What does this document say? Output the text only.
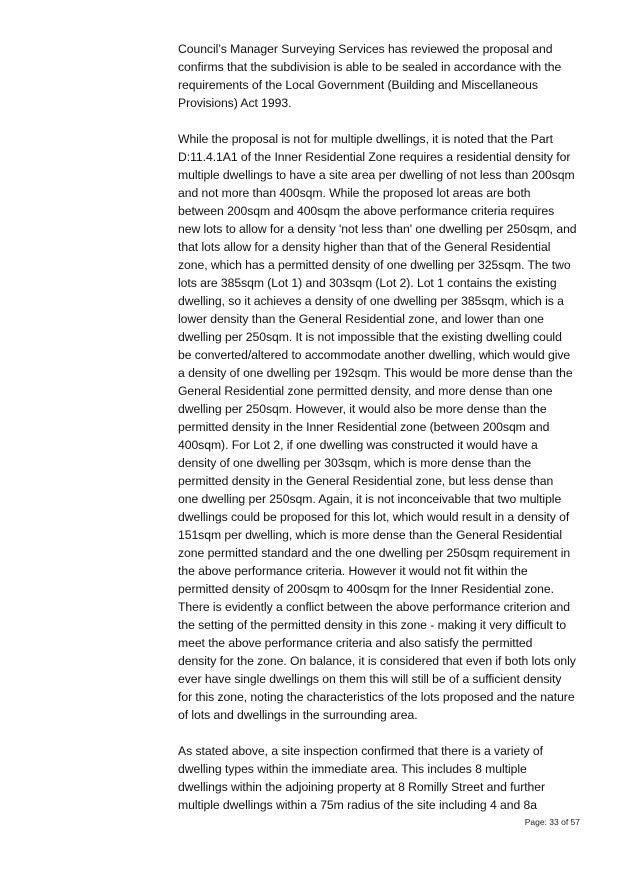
Council’s Manager Surveying Services has reviewed the proposal and
confirms that the subdivision is able to be sealed in accordance with the
requirements of the Local Government (Building and Miscellaneous
Provisions) Act 1993.
While the proposal is not for multiple dwellings, it is noted that the Part
D:11.4.1A1 of the Inner Residential Zone requires a residential density for
multiple dwellings to have a site area per dwelling of not less than 200sqm
and not more than 400sqm. While the proposed lot areas are both
between 200sqm and 400sqm the above performance criteria requires
new lots to allow for a density 'not less than' one dwelling per 250sqm, and
that lots allow for a density higher than that of the General Residential
zone, which has a permitted density of one dwelling per 325sqm. The two
lots are 385sqm (Lot 1) and 303sqm (Lot 2). Lot 1 contains the existing
dwelling, so it achieves a density of one dwelling per 385sqm, which is a
lower density than the General Residential zone, and lower than one
dwelling per 250sqm. It is not impossible that the existing dwelling could
be converted/altered to accommodate another dwelling, which would give
a density of one dwelling per 192sqm. This would be more dense than the
General Residential zone permitted density, and more dense than one
dwelling per 250sqm. However, it would also be more dense than the
permitted density in the Inner Residential zone (between 200sqm and
400sqm). For Lot 2, if one dwelling was constructed it would have a
density of one dwelling per 303sqm, which is more dense than the
permitted density in the General Residential zone, but less dense than
one dwelling per 250sqm. Again, it is not inconceivable that two multiple
dwellings could be proposed for this lot, which would result in a density of
151sqm per dwelling, which is more dense than the General Residential
zone permitted standard and the one dwelling per 250sqm requirement in
the above performance criteria. However it would not fit within the
permitted density of 200sqm to 400sqm for the Inner Residential zone.
There is evidently a conflict between the above performance criterion and
the setting of the permitted density in this zone - making it very difficult to
meet the above performance criteria and also satisfy the permitted
density for the zone. On balance, it is considered that even if both lots only
ever have single dwellings on them this will still be of a sufficient density
for this zone, noting the characteristics of the lots proposed and the nature
of lots and dwellings in the surrounding area.
As stated above, a site inspection confirmed that there is a variety of
dwelling types within the immediate area. This includes 8 multiple
dwellings within the adjoining property at 8 Romilly Street and further
multiple dwellings within a 75m radius of the site including 4 and 8a
Page: 33 of 57
